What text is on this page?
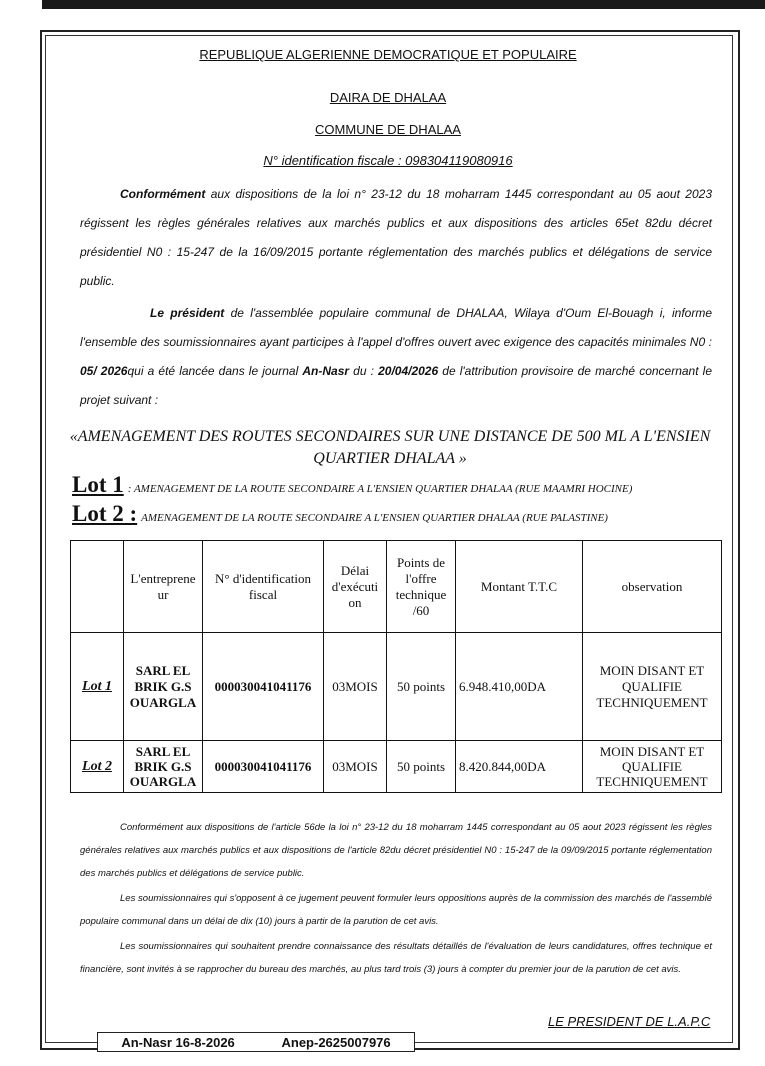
REPUBLIQUE ALGERIENNE DEMOCRATIQUE ET POPULAIRE
DAIRA DE DHALAA
COMMUNE DE DHALAA
N° identification fiscale : 098304119080916
Conformément aux dispositions de la loi n° 23-12 du 18 moharram 1445 correspondant au 05 aout 2023 régissent les règles générales relatives aux marchés publics et aux dispositions des articles 65et 82du décret présidentiel N0 : 15-247 de la 16/09/2015 portante réglementation des marchés publics et délégations de service public.
Le président de l'assemblée populaire communal de DHALAA, Wilaya d'Oum El-Bouagh i, informe l'ensemble des soumissionnaires ayant participes à l'appel d'offres ouvert avec exigence des capacités minimales N0 : 05/ 2026qui a été lancée dans le journal An-Nasr du : 20/04/2026 de l'attribution provisoire de marché concernant le projet suivant :
«AMENAGEMENT DES ROUTES SECONDAIRES SUR UNE DISTANCE DE 500 ML A L'ENSIEN QUARTIER DHALAA »
Lot 1 : AMENAGEMENT DE LA ROUTE SECONDAIRE A L'ENSIEN QUARTIER DHALAA (RUE MAAMRI HOCINE)
Lot 2 : AMENAGEMENT DE LA ROUTE SECONDAIRE A L'ENSIEN QUARTIER DHALAA (RUE PALASTINE)
	L'entreprene ur	N° d'identification fiscal	Délai d'exécuti on	Points de l'offre technique /60	Montant T.T.C	observation
Lot 1	SARL EL BRIK G.S OUARGLA	000030041041176	03MOIS	50 points	6.948.410,00DA	MOIN DISANT ET QUALIFIE TECHNIQUEMENT
Lot 2	SARL EL BRIK G.S OUARGLA	000030041041176	03MOIS	50 points	8.420.844,00DA	MOIN DISANT ET QUALIFIE TECHNIQUEMENT
Conformément aux dispositions de l'article 56de la loi n° 23-12 du 18 moharram 1445 correspondant au 05 aout 2023 régissent les règles générales relatives aux marchés publics et aux dispositions de l'article 82du décret présidentiel N0 : 15-247 de la 09/09/2015 portante réglementation des marchés publics et délégations de service public.
Les soumissionnaires qui s'opposent à ce jugement peuvent formuler leurs oppositions auprès de la commission des marchés de l'assemblé populaire communal dans un délai de dix (10) jours à partir de la parution de cet avis.
Les soumissionnaires qui souhaitent prendre connaissance des résultats détaillés de l'évaluation de leurs candidatures, offres technique et financière, sont invités à se rapprocher du bureau des marchés, au plus tard trois (3) jours à compter du premier jour de la parution de cet avis.
LE PRESIDENT DE L.A.P.C
An-Nasr 16-8-2026	Anep-2625007976
